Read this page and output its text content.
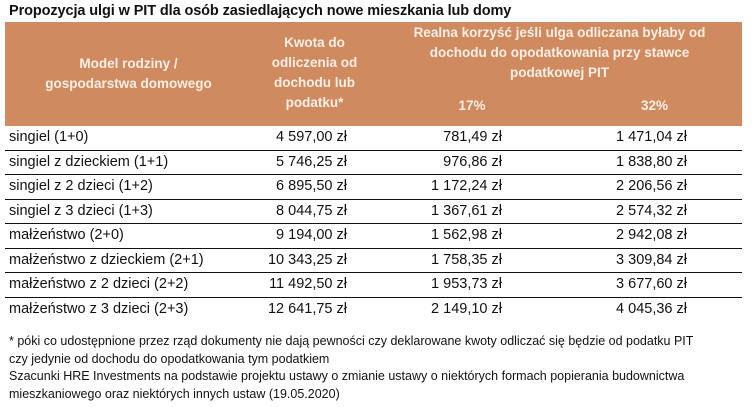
Propozycja ulgi w PIT dla osób zasiedlających nowe mieszkania lub domy
Model rodziny /
gospodarstwa domowego
Kwota do
odliczenia od
dochodu lub
podatku*
Realna korzyść jeśli ulga odliczana byłaby od
dochodu do opodatkowania przy stawce
podatkowej PIT
17%	32%
singiel (1+0)	4 597,00 zł	781,49 zł	1 471,04 zł
singiel z dzieckiem (1+1)	5 746,25 zł	976,86 zł	1 838,80 zł
singiel z 2 dzieci (1+2)	6 895,50 zł	1 172,24 zł	2 206,56 zł
singiel z 3 dzieci (1+3)	8 044,75 zł	1 367,61 zł	2 574,32 zł
małżeństwo (2+0)	9 194,00 zł	1 562,98 zł	2 942,08 zł
małżeństwo z dzieckiem (2+1)	10 343,25 zł	1 758,35 zł	3 309,84 zł
małżeństwo z 2 dzieci (2+2)	11 492,50 zł	1 953,73 zł	3 677,60 zł
małżeństwo z 3 dzieci (2+3)	12 641,75 zł	2 149,10 zł	4 045,36 zł
* póki co udostępnione przez rząd dokumenty nie dają pewności czy deklarowane kwoty odliczać się będzie od podatku PIT
czy jedynie od dochodu do opodatkowania tym podatkiem
Szacunki HRE Investments na podstawie projektu ustawy o zmianie ustawy o niektórych formach popierania budownictwa
mieszkaniowego oraz niektórych innych ustaw (19.05.2020)
